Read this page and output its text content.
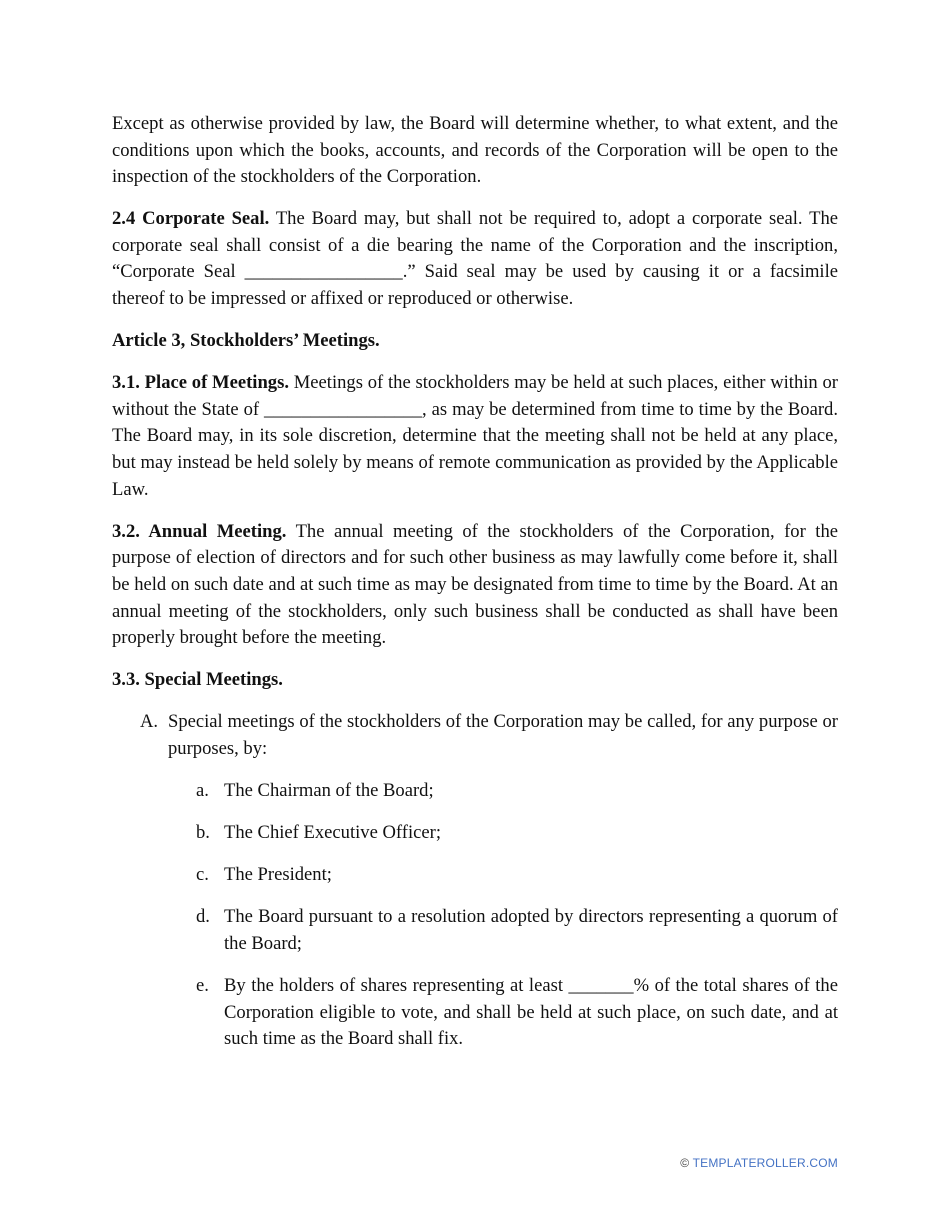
Except as otherwise provided by law, the Board will determine whether, to what extent, and the conditions upon which the books, accounts, and records of the Corporation will be open to the inspection of the stockholders of the Corporation.

2.4 Corporate Seal. The Board may, but shall not be required to, adopt a corporate seal. The corporate seal shall consist of a die bearing the name of the Corporation and the inscription, “Corporate Seal _________________.” Said seal may be used by causing it or a facsimile thereof to be impressed or affixed or reproduced or otherwise.

Article 3, Stockholders’ Meetings.

3.1. Place of Meetings. Meetings of the stockholders may be held at such places, either within or without the State of _________________, as may be determined from time to time by the Board. The Board may, in its sole discretion, determine that the meeting shall not be held at any place, but may instead be held solely by means of remote communication as provided by the Applicable Law.

3.2. Annual Meeting. The annual meeting of the stockholders of the Corporation, for the purpose of election of directors and for such other business as may lawfully come before it, shall be held on such date and at such time as may be designated from time to time by the Board. At an annual meeting of the stockholders, only such business shall be conducted as shall have been properly brought before the meeting.

3.3. Special Meetings.

A. Special meetings of the stockholders of the Corporation may be called, for any purpose or purposes, by:
a. The Chairman of the Board;
b. The Chief Executive Officer;
c. The President;
d. The Board pursuant to a resolution adopted by directors representing a quorum of the Board;
e. By the holders of shares representing at least _______% of the total shares of the Corporation eligible to vote, and shall be held at such place, on such date, and at such time as the Board shall fix.
© TEMPLATEROLLER.COM
